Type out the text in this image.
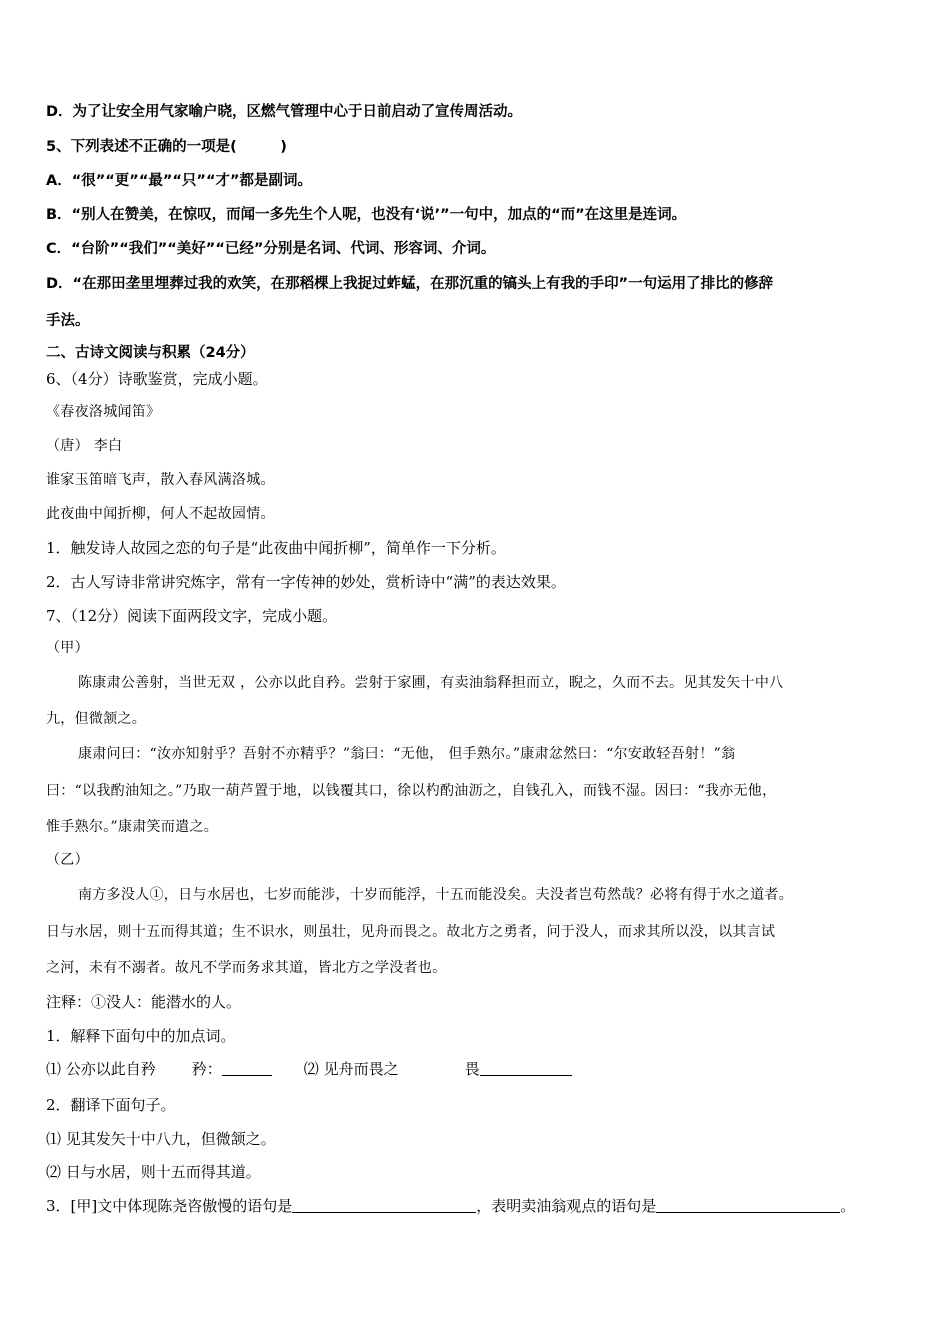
D．为了让安全用气家喻户晓，区燃气管理中心于日前启动了宣传周活动。
5、下列表述不正确的一项是(　　　)
A．“很”“更”“最”“只”“才”都是副词。
B．“别人在赞美，在惊叹，而闻一多先生个人呢，也没有‘说’”一句中，加点的“而”在这里是连词。
C．“台阶”“我们”“美好”“已经”分别是名词、代词、形容词、介词。
D．“在那田垄里埋葬过我的欢笑，在那稻棵上我捉过蚱蜢，在那沉重的镐头上有我的手印”一句运用了排比的修辞
手法。
二、古诗文阅读与积累（24分）
6、（4分）诗歌鉴赏，完成小题。
《春夜洛城闻笛》
（唐） 李白
谁家玉笛暗飞声，散入春风满洛城。
此夜曲中闻折柳，何人不起故园情。
1．触发诗人故园之恋的句子是“此夜曲中闻折柳”，简单作一下分析。
2．古人写诗非常讲究炼字，常有一字传神的妙处，赏析诗中“满”的表达效果。
7、（12分）阅读下面两段文字，完成小题。
（甲）
陈康肃公善射，当世无双 ，公亦以此自矜。尝射于家圃，有卖油翁释担而立，睨之，久而不去。见其发矢十中八
九，但微颔之。
康肃问曰：“汝亦知射乎？吾射不亦精乎？”翁曰：“无他， 但手熟尔。”康肃忿然曰：“尔安敢轻吾射！”翁
曰：“以我酌油知之。”乃取一葫芦置于地，以钱覆其口，徐以杓酌油沥之，自钱孔入，而钱不湿。因曰：“我亦无他，
惟手熟尔。”康肃笑而遣之。
（乙）
南方多没人①，日与水居也，七岁而能涉，十岁而能浮，十五而能没矣。夫没者岂苟然哉？必将有得于水之道者。
日与水居，则十五而得其道；生不识水，则虽壮，见舟而畏之。故北方之勇者，问于没人，而求其所以没，以其言试
之河，未有不溺者。故凡不学而务求其道，皆北方之学没者也。
注释：①没人：能潜水的人。
1．解释下面句中的加点词。
⑴ 公亦以此自矜 矜：	⑵ 见舟而畏之	畏
2．翻译下面句子。
⑴ 见其发矢十中八九，但微颔之。
⑵ 日与水居，则十五而得其道。
3．[甲]文中体现陈尧咨傲慢的语句是	，表明卖油翁观点的语句是	。
